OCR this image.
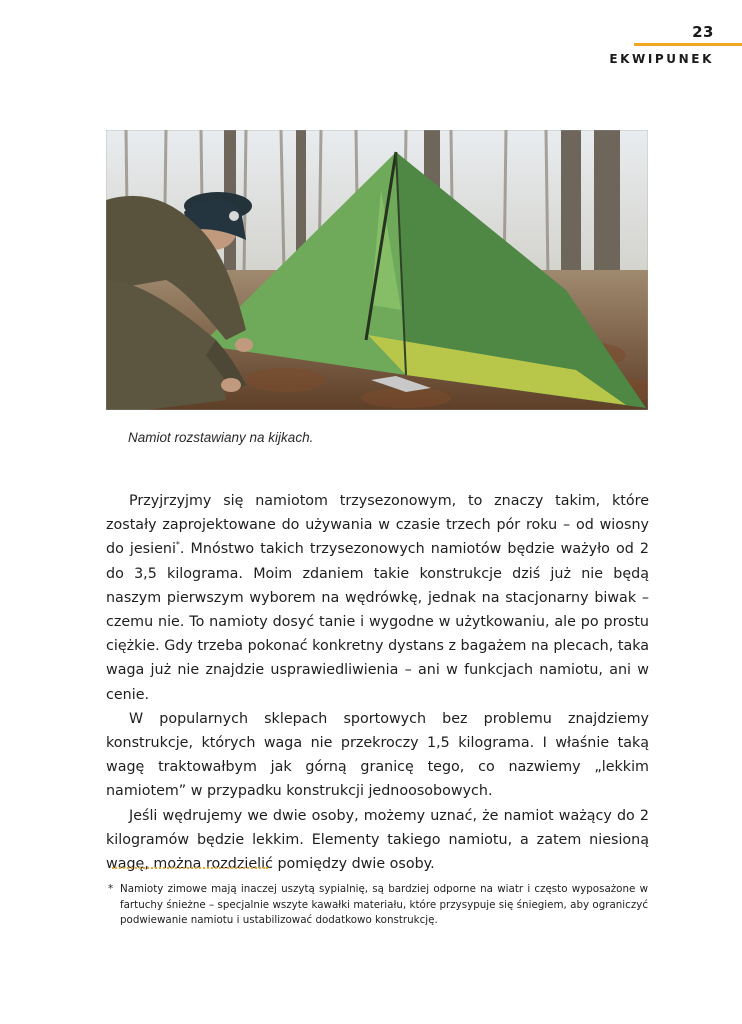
23
EKWIPUNEK
Namiot rozstawiany na kijkach.

Przyjrzyjmy się namiotom trzysezonowym, to znaczy takim, które zostały zaprojektowane do używania w czasie trzech pór roku – od wiosny do jesieni*. Mnóstwo takich trzysezonowych namiotów będzie ważyło od 2 do 3,5 kilograma. Moim zdaniem takie konstrukcje dziś już nie będą naszym pierwszym wyborem na wędrówkę, jednak na stacjonarny biwak – czemu nie. To namioty dosyć tanie i wygodne w użytkowaniu, ale po prostu ciężkie. Gdy trzeba pokonać konkretny dystans z bagażem na plecach, taka waga już nie znajdzie usprawiedliwienia – ani w funkcjach namiotu, ani w cenie.

W popularnych sklepach sportowych bez problemu znajdziemy konstrukcje, których waga nie przekroczy 1,5 kilograma. I właśnie taką wagę traktowałbym jak górną granicę tego, co nazwiemy „lekkim namiotem” w przypadku konstrukcji jednoosobowych.

Jeśli wędrujemy we dwie osoby, możemy uznać, że namiot ważący do 2 kilogramów będzie lekkim. Elementy takiego namiotu, a zatem niesioną wagę, można rozdzielić pomiędzy dwie osoby.

* Namioty zimowe mają inaczej uszytą sypialnię, są bardziej odporne na wiatr i często wyposażone w fartuchy śnieżne – specjalnie wszyte kawałki materiału, które przysypuje się śniegiem, aby ograniczyć podwiewanie namiotu i ustabilizować dodatkowo konstrukcję.
